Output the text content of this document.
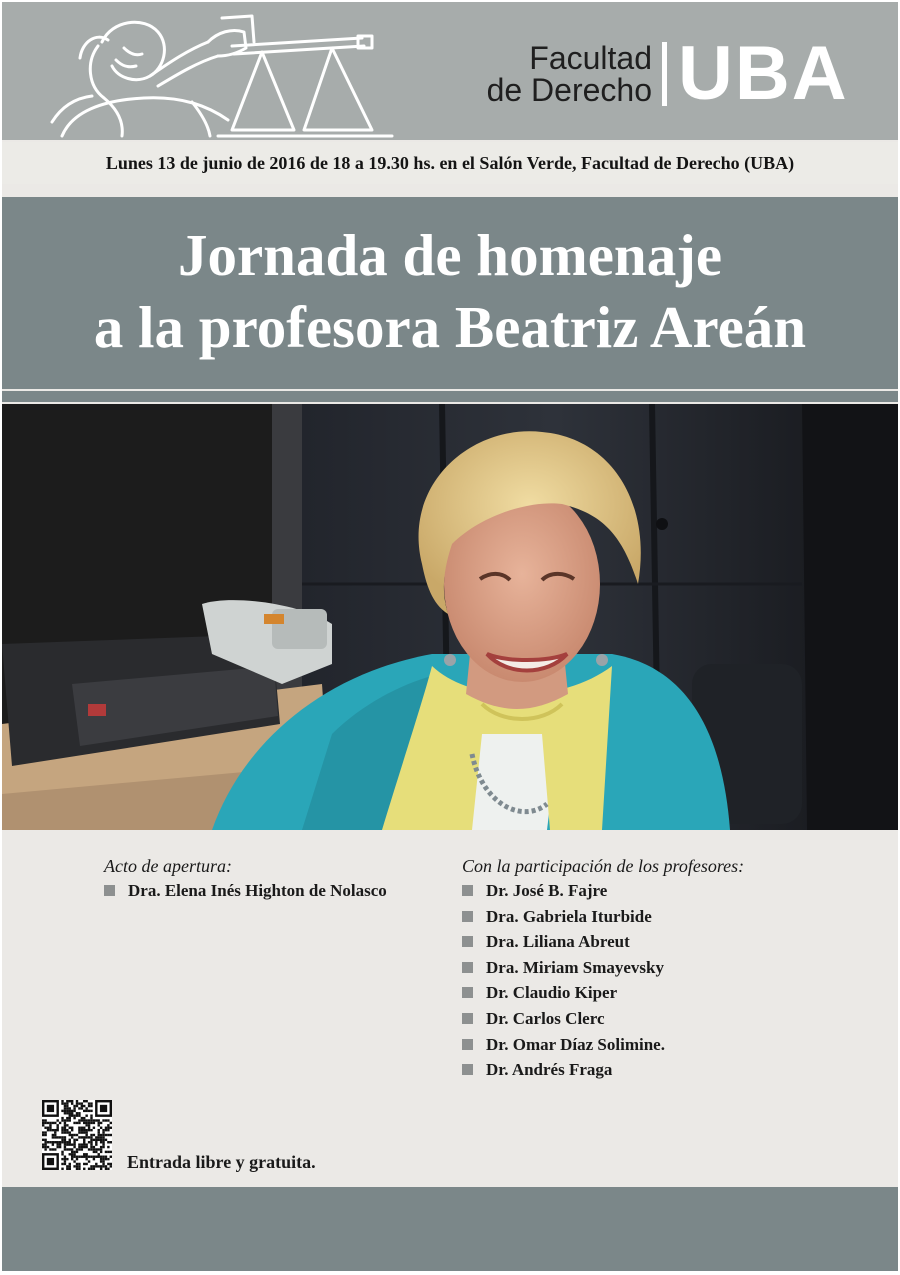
Facultad
de Derecho UBA
Lunes 13 de junio de 2016 de 18 a 19.30 hs. en el Salón Verde, Facultad de Derecho (UBA)
Jornada de homenaje
a la profesora Beatriz Areán
Acto de apertura:
Dra. Elena Inés Highton de Nolasco
Con la participación de los profesores:
Dr. José B. Fajre
Dra. Gabriela Iturbide
Dra. Liliana Abreut
Dra. Miriam Smayevsky
Dr. Claudio Kiper
Dr. Carlos Clerc
Dr. Omar Díaz Solimine.
Dr. Andrés Fraga
Entrada libre y gratuita.
